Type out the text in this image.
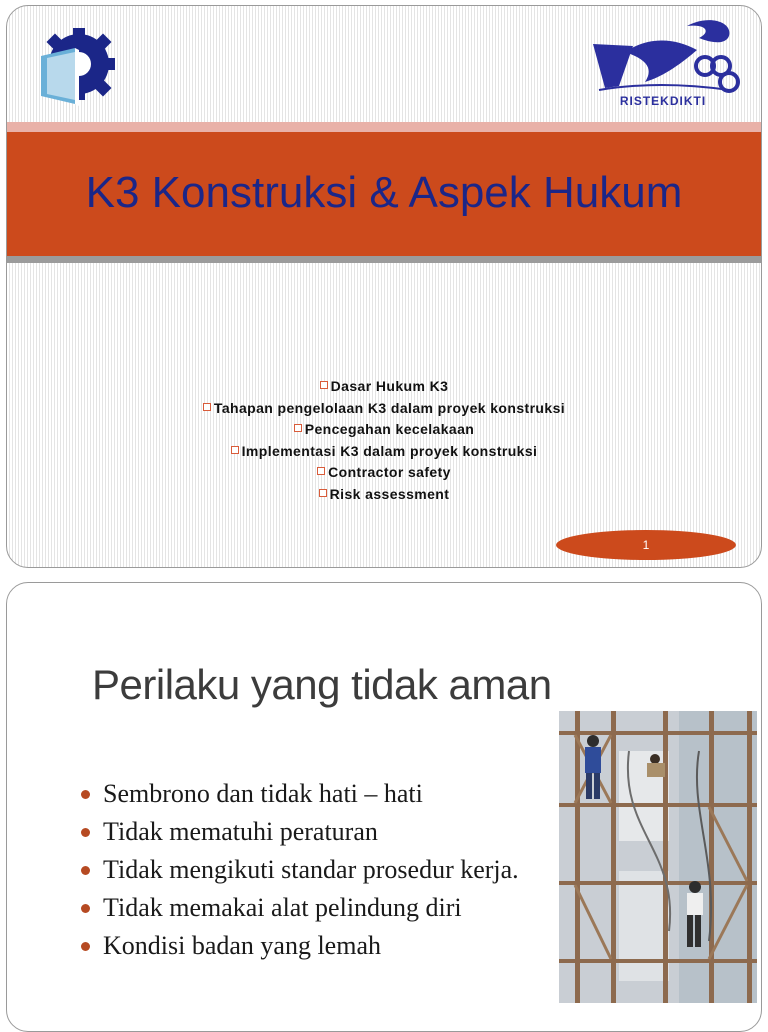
RISTEKDIKTI
K3 Konstruksi & Aspek Hukum
Dasar Hukum K3
Tahapan pengelolaan K3 dalam proyek konstruksi
Pencegahan kecelakaan
Implementasi K3 dalam proyek konstruksi
Contractor safety
Risk assessment
1
Perilaku yang tidak aman
Sembrono dan tidak hati – hati
Tidak mematuhi peraturan
Tidak mengikuti standar prosedur kerja.
Tidak memakai alat pelindung diri
Kondisi badan yang lemah
